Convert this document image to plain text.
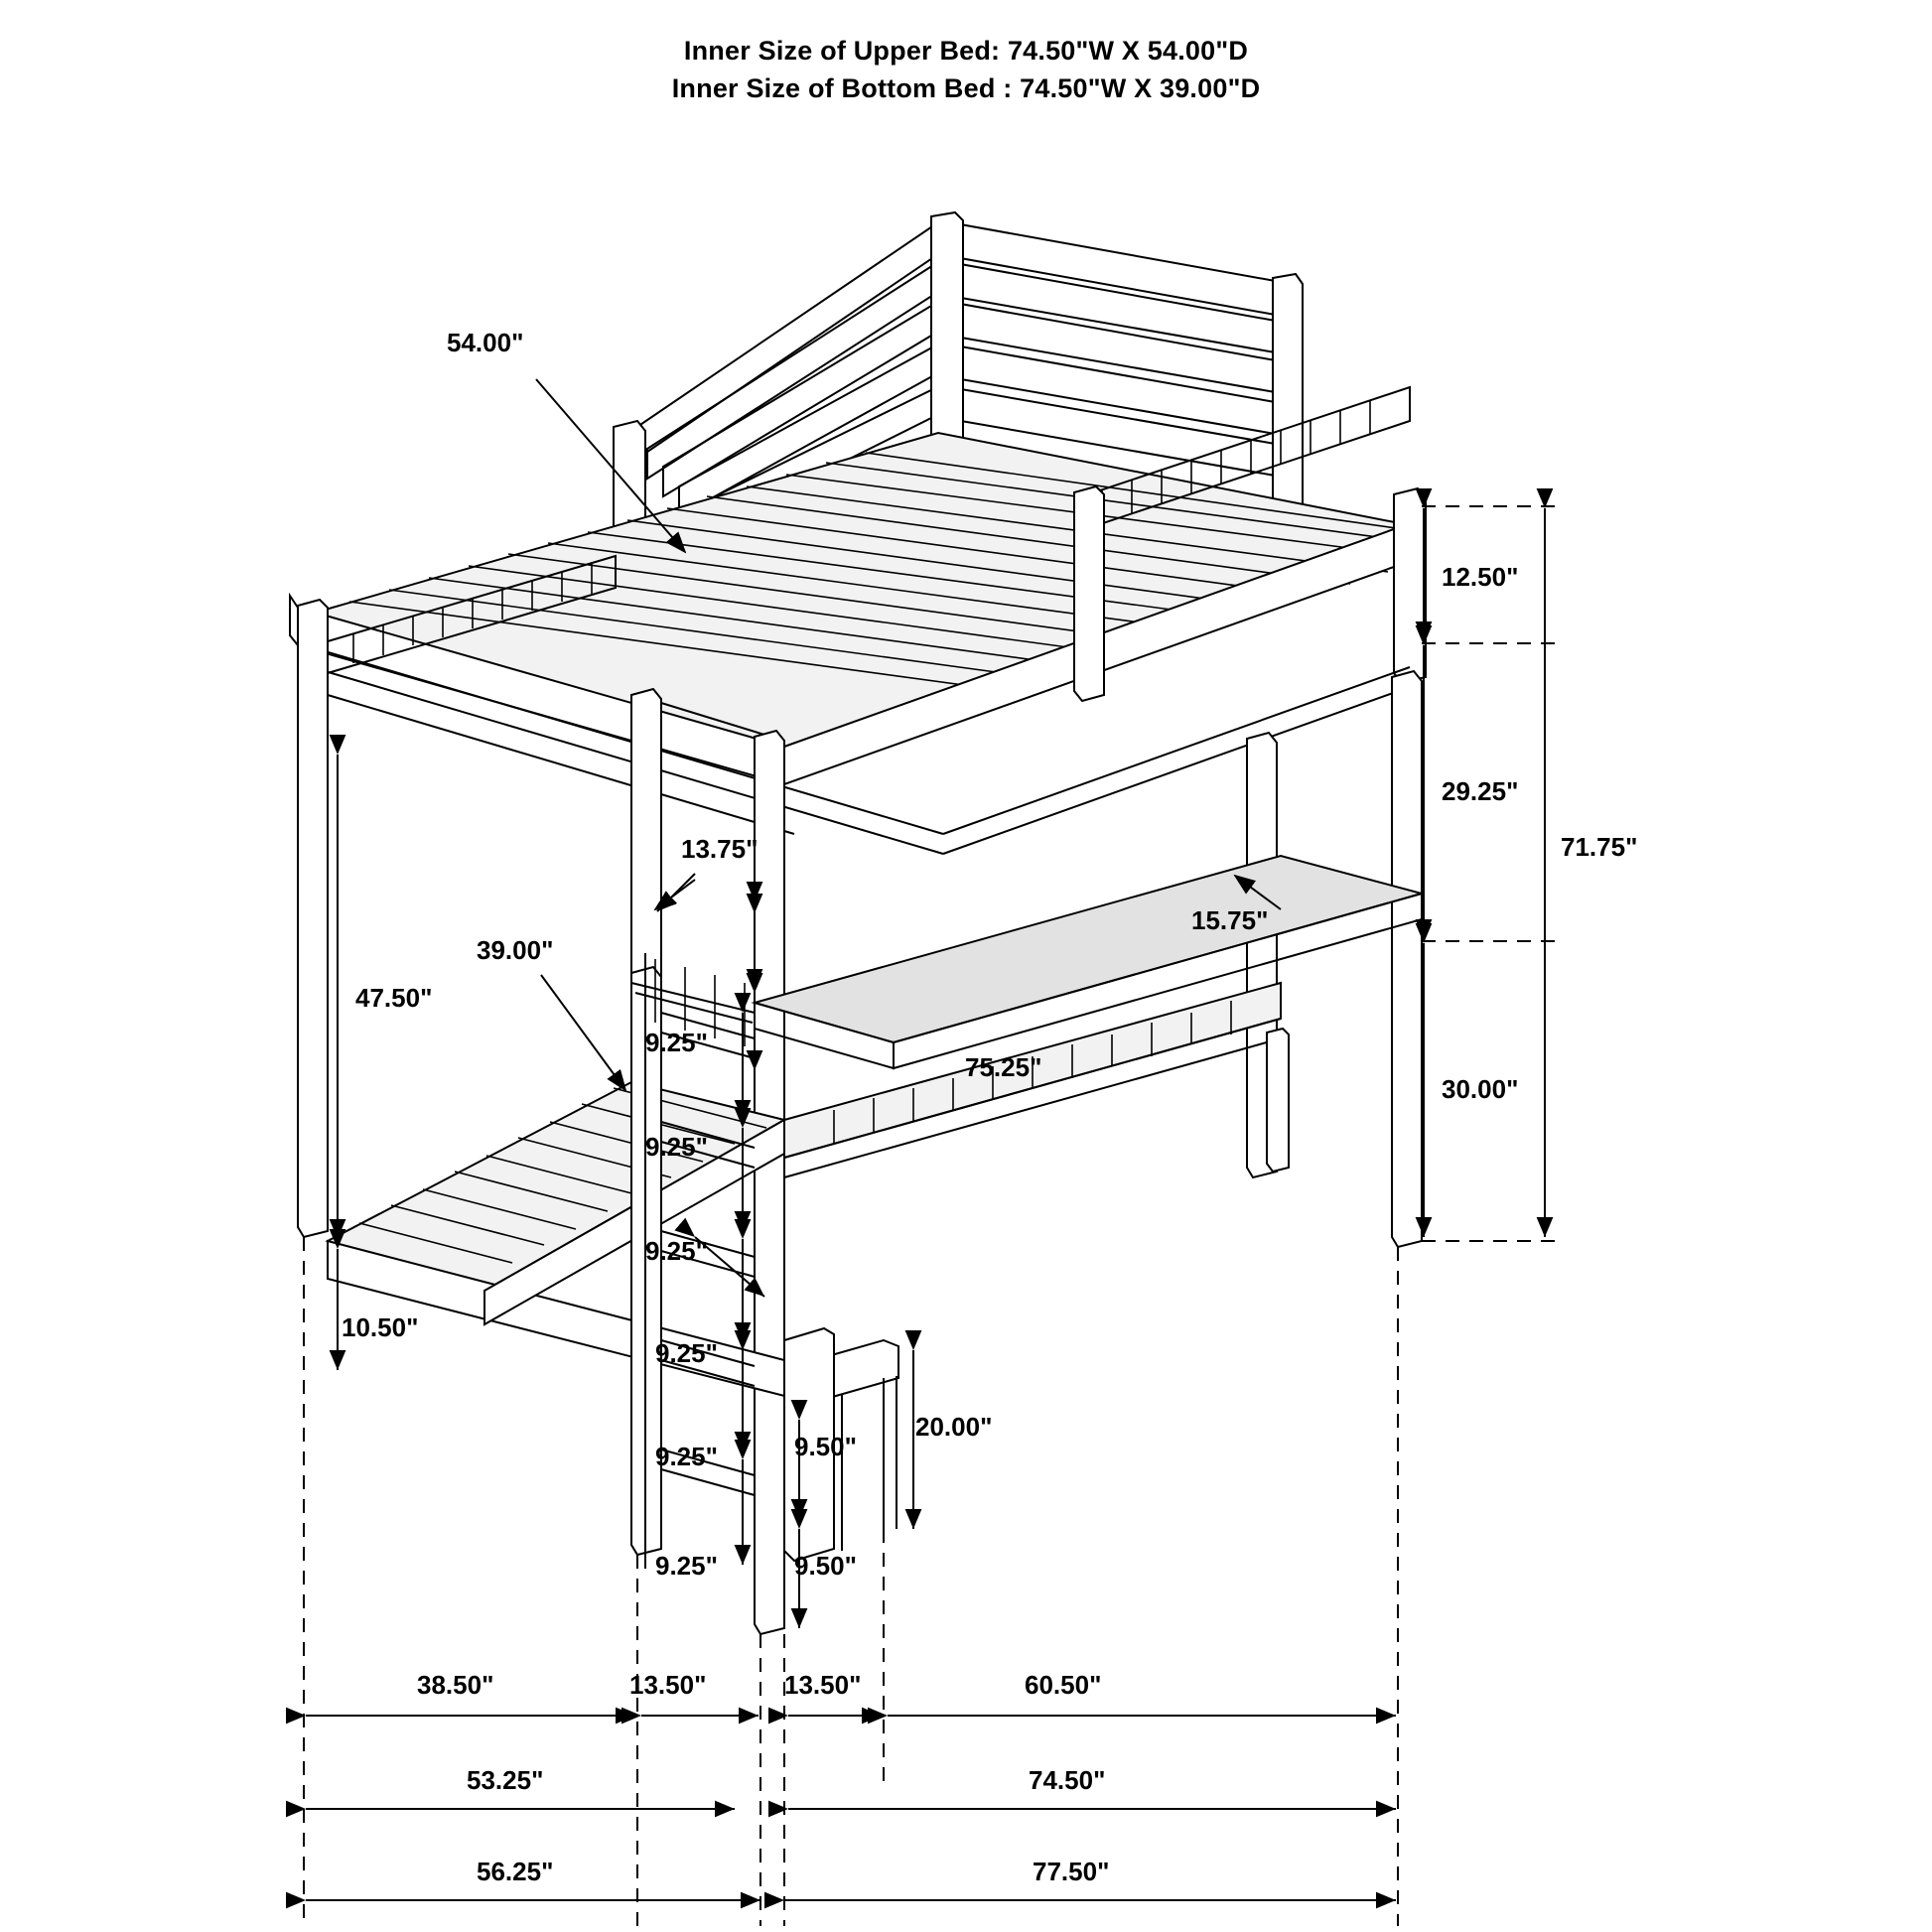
Inner Size of Upper Bed: 74.50"W X 54.00"D
Inner Size of Bottom Bed : 74.50"W X 39.00"D
54.00"
12.50"
29.25"
71.75"
30.00"
13.75"
15.75"
47.50"
39.00"
75.25"
10.50"
20.00"
9.25"
9.25"
9.25"
9.25"
9.25"
9.25"
9.50"
9.50"
38.50"	13.50"	13.50"	60.50"
53.25"	74.50"
56.25"	77.50"
